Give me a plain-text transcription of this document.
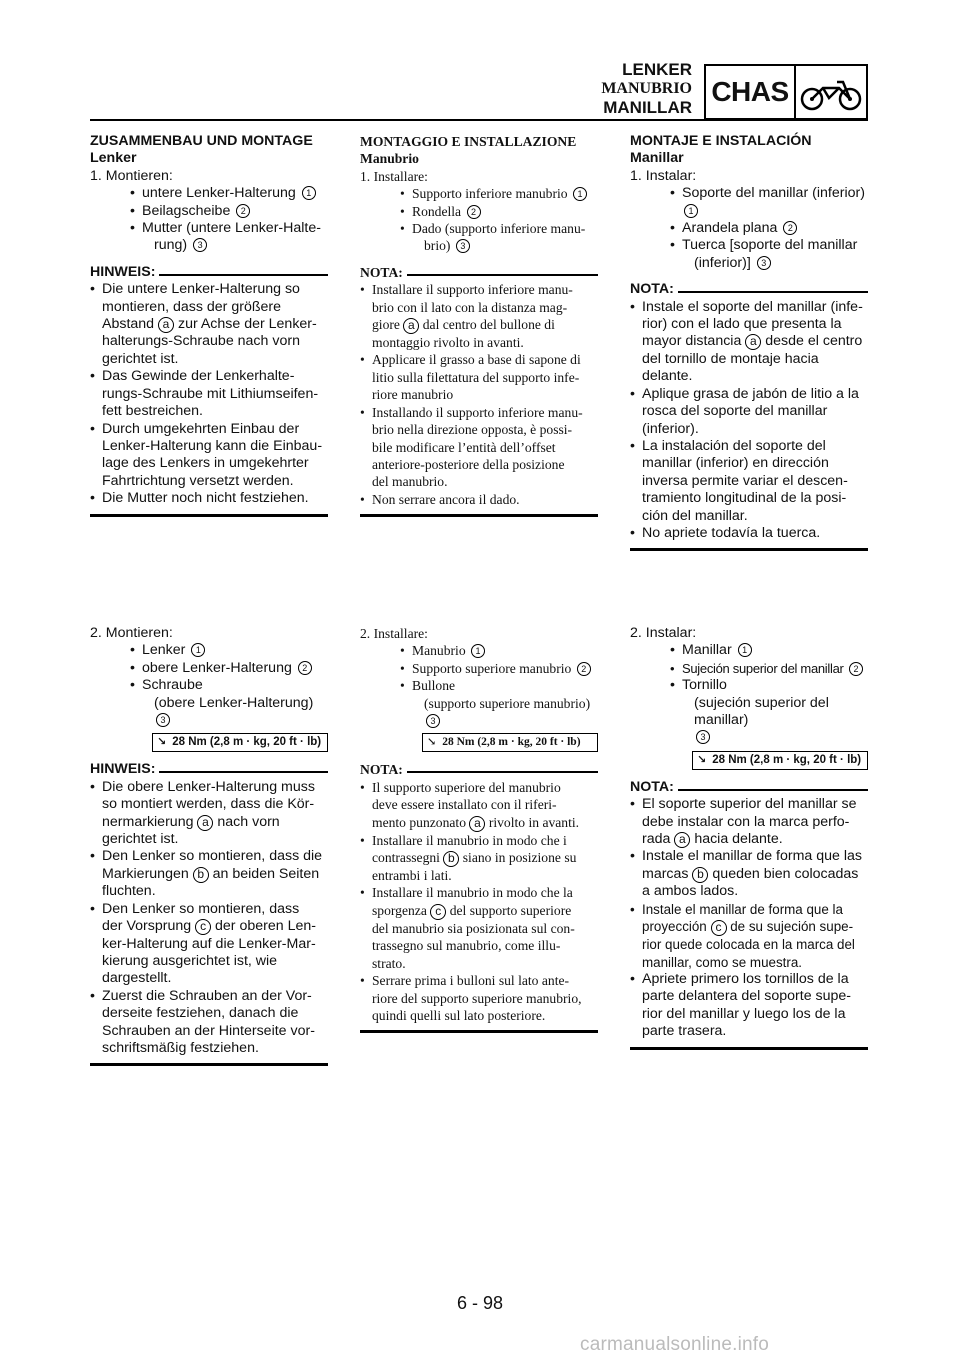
LENKER
MANUBRIO
MANILLAR
CHAS
ZUSAMMENBAU UND MONTAGE
Lenker
1. Montieren:
• untere Lenker-Halterung 1
• Beilagscheibe 2
• Mutter (untere Lenker-Halte-
rung) 3
HINWEIS:
• Die untere Lenker-Halterung so
montieren, dass der größere
Abstand a zur Achse der Lenker-
halterungs-Schraube nach vorn
gerichtet ist.
• Das Gewinde der Lenkerhalte-
rungs-Schraube mit Lithiumseifen-
fett bestreichen.
• Durch umgekehrten Einbau der
Lenker-Halterung kann die Einbau-
lage des Lenkers in umgekehrter
Fahrtrichtung versetzt werden.
• Die Mutter noch nicht festziehen.
MONTAGGIO E INSTALLAZIONE
Manubrio
1. Installare:
• Supporto inferiore manubrio 1
• Rondella 2
• Dado (supporto inferiore manu-
brio) 3
NOTA:
• Installare il supporto inferiore manu-
brio con il lato con la distanza mag-
giore a dal centro del bullone di
montaggio rivolto in avanti.
• Applicare il grasso a base di sapone di
litio sulla filettatura del supporto infe-
riore manubrio
• Installando il supporto inferiore manu-
brio nella direzione opposta, è possi-
bile modificare l’entità dell’offset
anteriore-posteriore della posizione
del manubrio.
• Non serrare ancora il dado.
MONTAJE E INSTALACIÓN
Manillar
1. Instalar:
• Soporte del manillar (inferior)
1
• Arandela plana 2
• Tuerca [soporte del manillar
(inferior)] 3
NOTA:
• Instale el soporte del manillar (infe-
rior) con el lado que presenta la
mayor distancia a desde el centro
del tornillo de montaje hacia
delante.
• Aplique grasa de jabón de litio a la
rosca del soporte del manillar
(inferior).
• La instalación del soporte del
manillar (inferior) en dirección
inversa permite variar el descen-
tramiento longitudinal de la posi-
ción del manillar.
• No apriete todavía la tuerca.
2. Montieren:
• Lenker 1
• obere Lenker-Halterung 2
• Schraube
(obere Lenker-Halterung) 3
↘ 28 Nm (2,8 m · kg, 20 ft · lb)
HINWEIS:
• Die obere Lenker-Halterung muss
so montiert werden, dass die Kör-
nermarkierung a nach vorn
gerichtet ist.
• Den Lenker so montieren, dass die
Markierungen b an beiden Seiten
fluchten.
• Den Lenker so montieren, dass
der Vorsprung c der oberen Len-
ker-Halterung auf die Lenker-Mar-
kierung ausgerichtet ist, wie
dargestellt.
• Zuerst die Schrauben an der Vor-
derseite festziehen, danach die
Schrauben an der Hinterseite vor-
schriftsmäßig festziehen.
2. Installare:
• Manubrio 1
• Supporto superiore manubrio 2
• Bullone
(supporto superiore manubrio) 3
↘ 28 Nm (2,8 m · kg, 20 ft · lb)
NOTA:
• Il supporto superiore del manubrio
deve essere installato con il riferi-
mento punzonato a rivolto in avanti.
• Installare il manubrio in modo che i
contrassegni b siano in posizione su
entrambi i lati.
• Installare il manubrio in modo che la
sporgenza c del supporto superiore
del manubrio sia posizionata sul con-
trassegno sul manubrio, come illu-
strato.
• Serrare prima i bulloni sul lato ante-
riore del supporto superiore manubrio,
quindi quelli sul lato posteriore.
2. Instalar:
• Manillar 1
• Sujeción superior del manillar 2
• Tornillo
(sujeción superior del manillar)
3
↘ 28 Nm (2,8 m · kg, 20 ft · lb)
NOTA:
• El soporte superior del manillar se
debe instalar con la marca perfo-
rada a hacia delante.
• Instale el manillar de forma que las
marcas b queden bien colocadas
a ambos lados.
• Instale el manillar de forma que la
proyección c de su sujeción supe-
rior quede colocada en la marca del
manillar, como se muestra.
• Apriete primero los tornillos de la
parte delantera del soporte supe-
rior del manillar y luego los de la
parte trasera.
6 - 98
carmanualsonline.info
